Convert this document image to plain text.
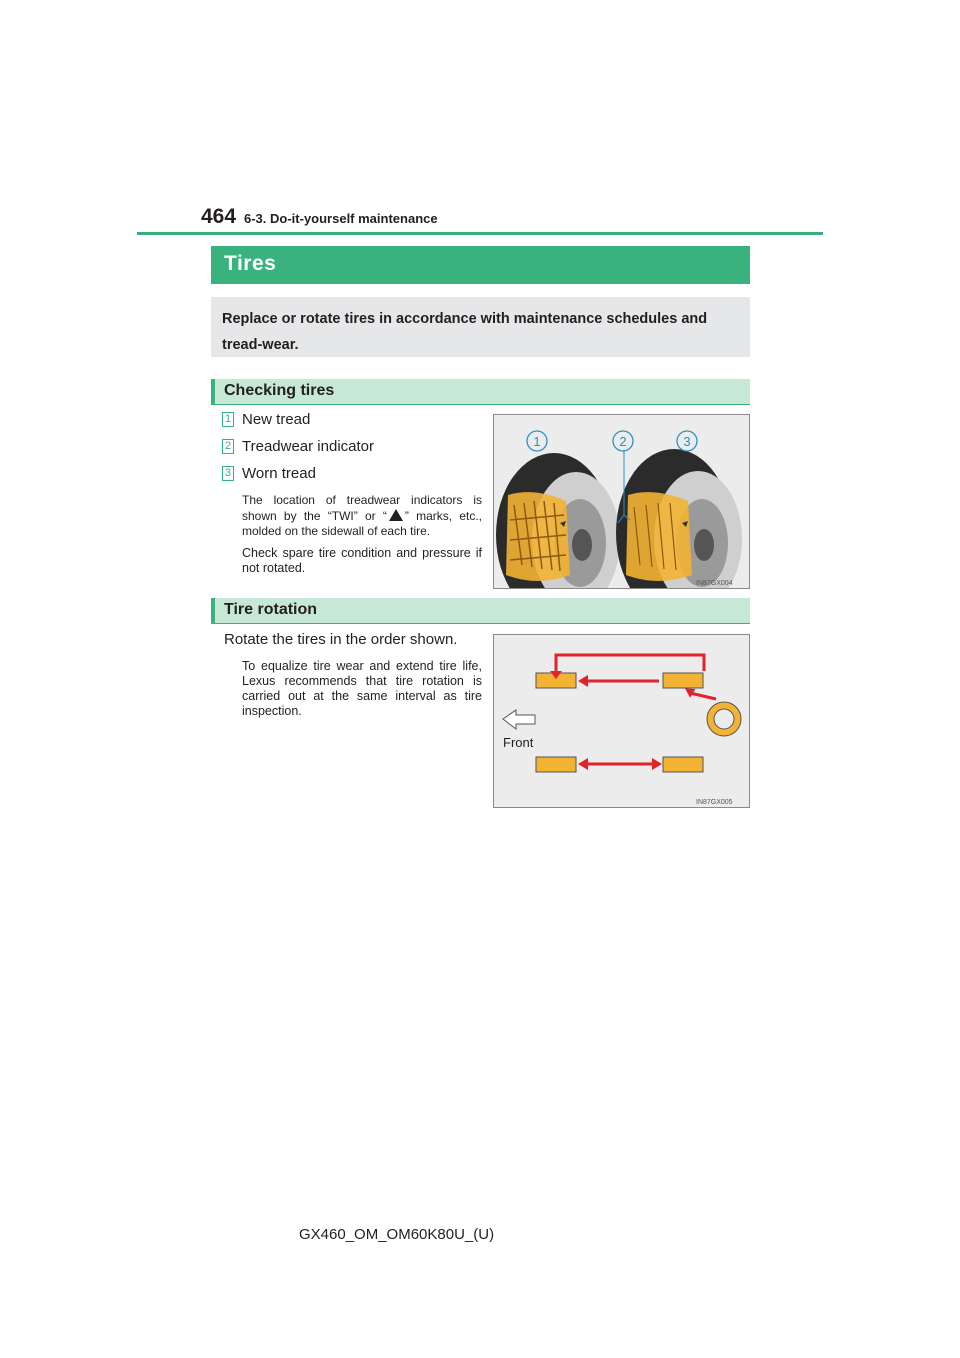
464 6-3. Do-it-yourself maintenance
Tires

Replace or rotate tires in accordance with maintenance schedules and tread-wear.

Checking tires
1 New tread
2 Treadwear indicator
3 Worn tread
The location of treadwear indicators is shown by the “TWI” or “ ” marks, etc., molded on the sidewall of each tire.
Check spare tire condition and pressure if not rotated.
1	2	3
IN87GX004
Tire rotation
Rotate the tires in the order shown.
To equalize tire wear and extend tire life, Lexus recommends that tire rotation is carried out at the same interval as tire inspection.
Front
IN87GX005
GX460_OM_OM60K80U_(U)
